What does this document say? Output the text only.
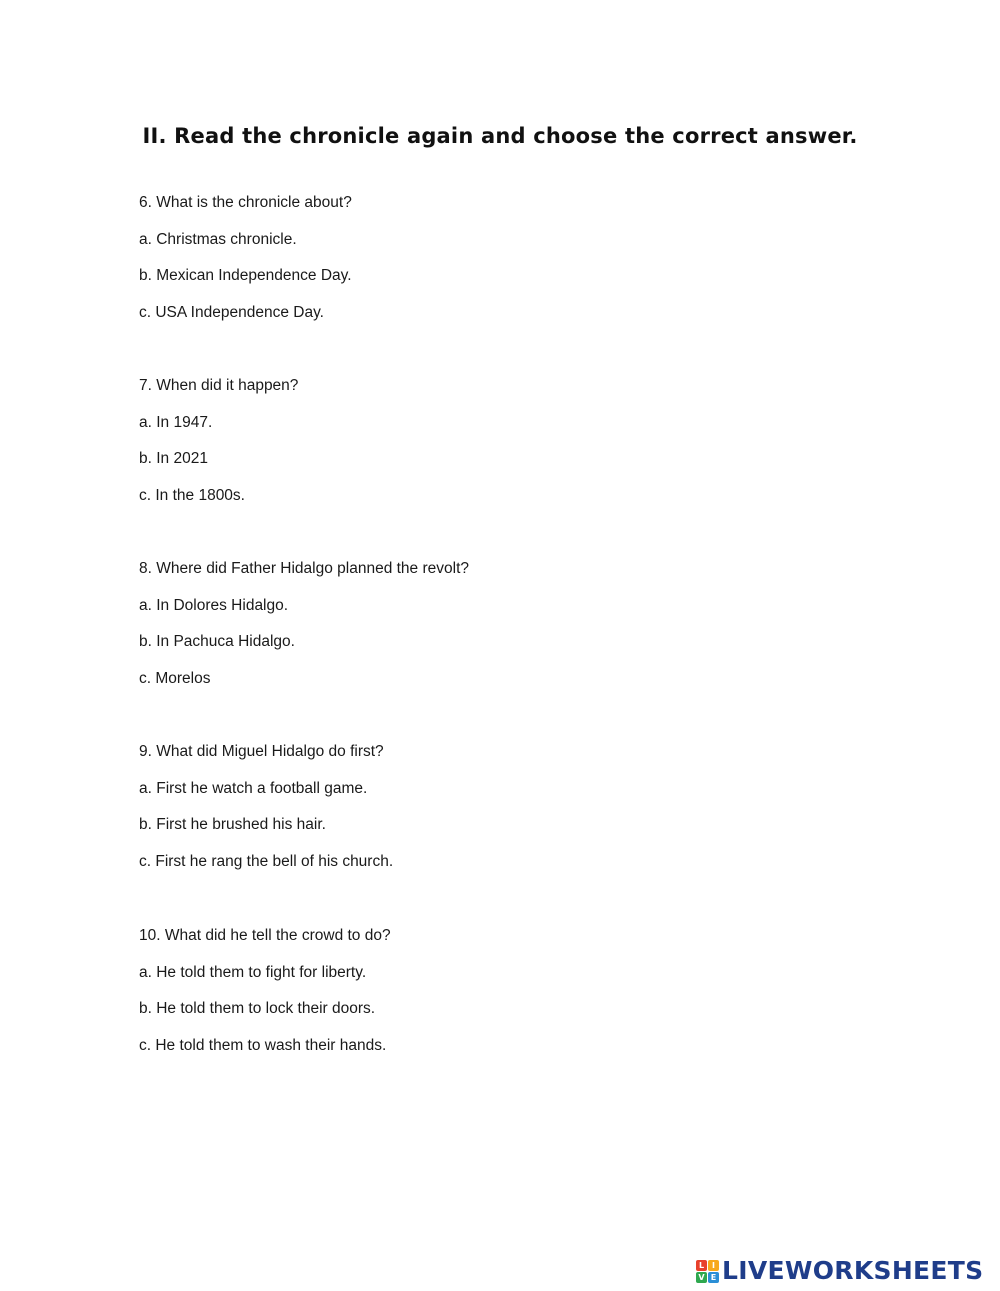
II. Read the chronicle again and choose the correct answer.

6. What is the chronicle about?

a. Christmas chronicle.

b. Mexican Independence Day.

c. USA Independence Day.

7. When did it happen?

a. In 1947.

b. In 2021

c. In the 1800s.

8. Where did Father Hidalgo planned the revolt?

a. In Dolores Hidalgo.

b. In Pachuca Hidalgo.

c. Morelos

9. What did Miguel Hidalgo do first?

a. First he watch a football game.

b. First he brushed his hair.

c. First he rang the bell of his church.

10. What did he tell the crowd to do?

a. He told them to fight for liberty.

b. He told them to lock their doors.

c. He told them to wash their hands.

L I
V E LIVEWORKSHEETS
